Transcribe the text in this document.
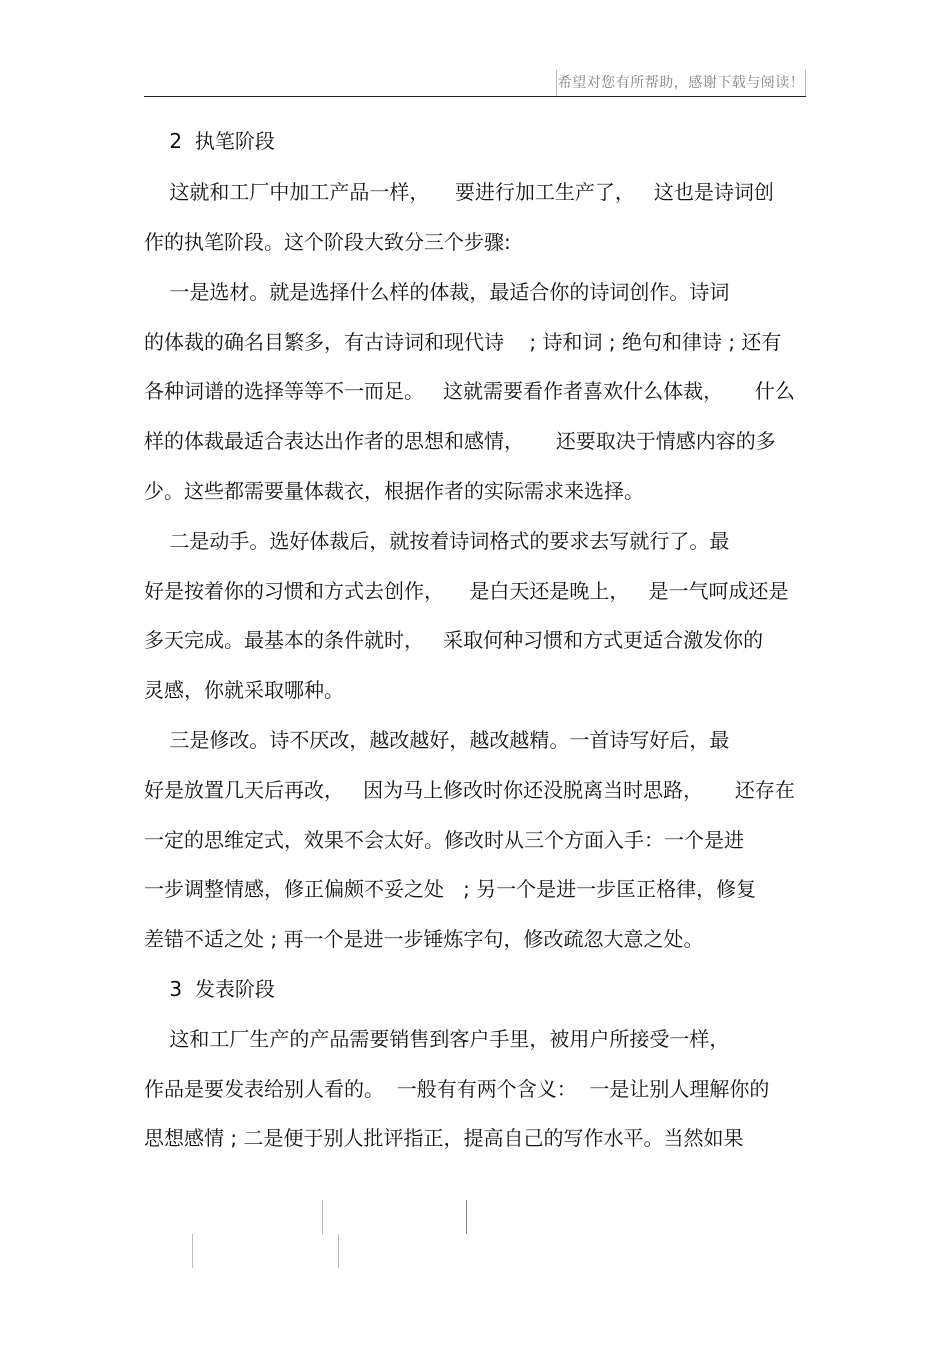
希望对您有所帮助，感谢下载与阅读！
2  执笔阶段
这就和工厂中加工产品一样，    要进行加工生产了，   这也是诗词创
作的执笔阶段。这个阶段大致分三个步骤:
一是选材。就是选择什么样的体裁，最适合你的诗词创作。诗词
的体裁的确名目繁多，有古诗词和现代诗    ; 诗和词 ; 绝句和律诗 ; 还有
各种词谱的选择等等不一而足。   这就需要看作者喜欢什么体裁，     什么
样的体裁最适合表达出作者的思想和感情，     还要取决于情感内容的多
少。这些都需要量体裁衣，根据作者的实际需求来选择。
二是动手。选好体裁后，就按着诗词格式的要求去写就行了。最
好是按着你的习惯和方式去创作，    是白天还是晚上，   是一气呵成还是
多天完成。最基本的条件就时，   采取何种习惯和方式更适合激发你的
灵感，你就采取哪种。
三是修改。诗不厌改，越改越好，越改越精。一首诗写好后，最
好是放置几天后再改，   因为马上修改时你还没脱离当时思路，     还存在
一定的思维定式，效果不会太好。修改时从三个方面入手：一个是进
一步调整情感，修正偏颇不妥之处   ; 另一个是进一步匡正格律，修复
差错不适之处 ; 再一个是进一步锤炼字句，修改疏忽大意之处。
3  发表阶段
这和工厂生产的产品需要销售到客户手里，被用户所接受一样，
作品是要发表给别人看的。  一般有有两个含义：  一是让别人理解你的
思想感情 ; 二是便于别人批评指正，提高自己的写作水平。当然如果
